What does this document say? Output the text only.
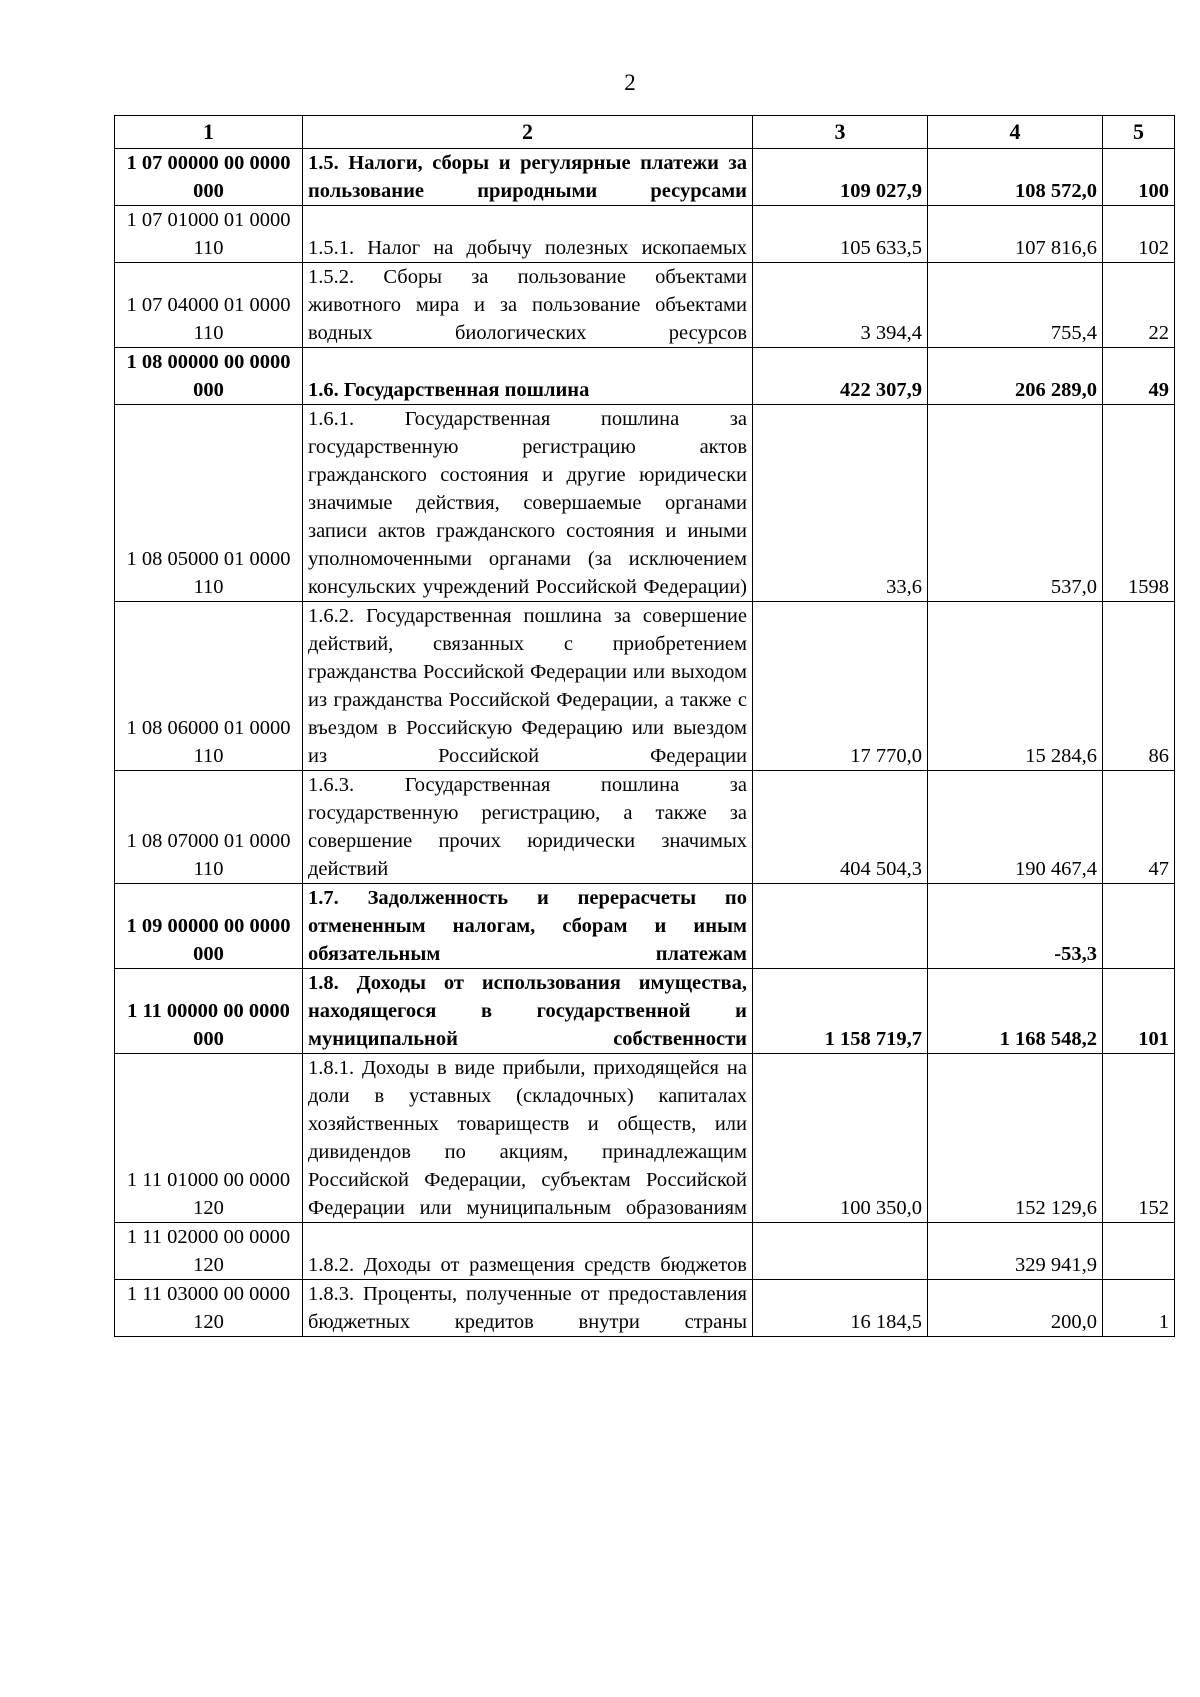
2
1	2	3	4	5
1 07 00000 00 0000 000	1.5. Налоги, сборы и регулярные платежи за пользование природными ресурсами	109 027,9	108 572,0	100
1 07 01000 01 0000 110	1.5.1. Налог на добычу полезных ископаемых	105 633,5	107 816,6	102
1 07 04000 01 0000 110	1.5.2. Сборы за пользование объектами животного мира и за пользование объектами водных биологических ресурсов	3 394,4	755,4	22
1 08 00000 00 0000 000	1.6. Государственная пошлина	422 307,9	206 289,0	49
1 08 05000 01 0000 110	1.6.1. Государственная пошлина за государственную регистрацию актов гражданского состояния и другие юридически значимые действия, совершаемые органами записи актов гражданского состояния и иными уполномоченными органами (за исключением консульских учреждений Российской Федерации)	33,6	537,0	1598
1 08 06000 01 0000 110	1.6.2. Государственная пошлина за совершение действий, связанных с приобретением гражданства Российской Федерации или выходом из гражданства Российской Федерации, а также с въездом в Российскую Федерацию или выездом из Российской Федерации	17 770,0	15 284,6	86
1 08 07000 01 0000 110	1.6.3. Государственная пошлина за государственную регистрацию, а также за совершение прочих юридически значимых действий	404 504,3	190 467,4	47
1 09 00000 00 0000 000	1.7. Задолженность и перерасчеты по отмененным налогам, сборам и иным обязательным платежам		-53,3	
1 11 00000 00 0000 000	1.8. Доходы от использования имущества, находящегося в государственной и муниципальной собственности	1 158 719,7	1 168 548,2	101
1 11 01000 00 0000 120	1.8.1. Доходы в виде прибыли, приходящейся на доли в уставных (складочных) капиталах хозяйственных товариществ и обществ, или дивидендов по акциям, принадлежащим Российской Федерации, субъектам Российской Федерации или муниципальным образованиям	100 350,0	152 129,6	152
1 11 02000 00 0000 120	1.8.2. Доходы от размещения средств бюджетов		329 941,9	
1 11 03000 00 0000 120	1.8.3. Проценты, полученные от предоставления бюджетных кредитов внутри страны	16 184,5	200,0	1
